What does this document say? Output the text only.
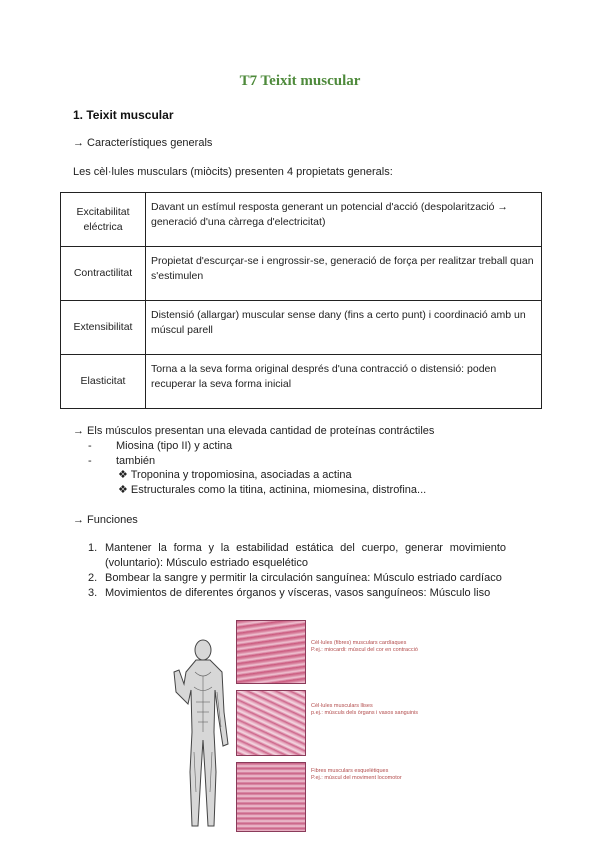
T7 Teixit muscular
1. Teixit muscular
→ Característiques generals
Les cèl·lules musculars (miòcits) presenten 4 propietats generals:
Excitabilitat eléctrica	Davant un estímul resposta generant un potencial d'acció (despolarització → generació d'una càrrega d'electricitat)
Contractilitat	Propietat d'escurçar-se i engrossir-se, generació de força per realitzar treball quan s'estimulen
Extensibilitat	Distensió (allargar) muscular sense dany (fins a certo punt) i coordinació amb un múscul parell
Elasticitat	Torna a la seva forma original després d'una contracció o distensió: poden recuperar la seva forma inicial
→ Els músculos presentan una elevada cantidad de proteínas contráctiles
- Miosina (tipo II) y actina
- también
❖ Troponina y tropomiosina, asociadas a actina
❖ Estructurales como la titina, actinina, miomesina, distrofina...
→ Funciones
1. Mantener la forma y la estabilidad estática del cuerpo, generar movimiento (voluntario): Músculo estriado esquelético
2. Bombear la sangre y permitir la circulación sanguínea: Músculo estriado cardíaco
3. Movimientos de diferentes órganos y vísceras, vasos sanguíneos: Músculo liso
Cèl·lules (fibres) musculars cardíaques
P.ej.: miocardi: múscul del cor en contracció
Cèl·lules musculars llises
p.ej.: músculs dels òrgans i vasos sanguinis
Fibres musculars esquelètiques
P.ej.: múscul del moviment locomotor
